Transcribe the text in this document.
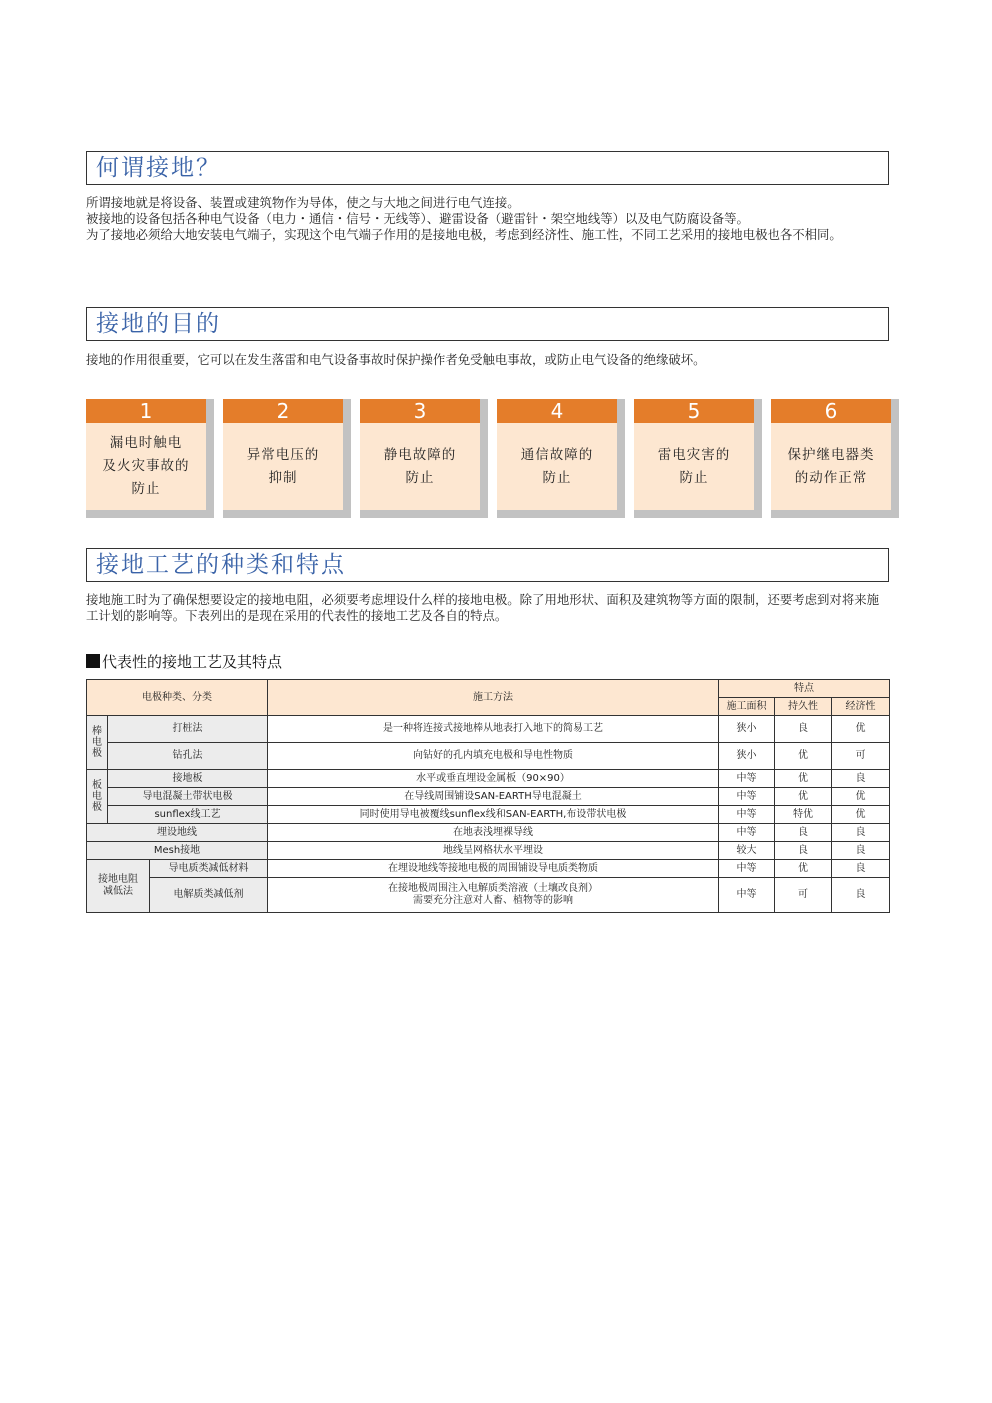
何谓接地？

所谓接地就是将设备、装置或建筑物作为导体，使之与大地之间进行电气连接。

被接地的设备包括各种电气设备（电力・通信・信号・无线等）、避雷设备（避雷针・架空地线等）以及电气防腐设备等。

为了接地必须给大地安装电气端子，实现这个电气端子作用的是接地电极，考虑到经济性、施工性，不同工艺采用的接地电极也各不相同。

接地的目的
接地的作用很重要，它可以在发生落雷和电气设备事故时保护操作者免受触电事故，或防止电气设备的绝缘破坏。
1
漏电时触电
及火灾事故的
防止
2
异常电压的
抑制
3
静电故障的
防止
4
通信故障的
防止
5
雷电灾害的
防止
6
保护继电器类
的动作正常
接地工艺的种类和特点
接地施工时为了确保想要设定的接地电阻，必须要考虑埋设什么样的接地电极。除了用地形状、面积及建筑物等方面的限制，还要考虑到对将来施工计划的影响等。下表列出的是现在采用的代表性的接地工艺及各自的特点。
代表性的接地工艺及其特点
电极种类、分类			施工方法	特点		
				施工面积	持久性	经济性

棒
电
极	打桩法		是一种将连接式接地棒从地表打入地下的简易工艺	狭小	良	优
	钻孔法		向钻好的孔内填充电极和导电性物质	狭小	优	可

板
电
极	接地板		水平或垂直埋设金属板（90×90）	中等	优	良
	导电混凝土带状电极		在导线周围铺设SAN-EARTH导电混凝土	中等	优	优
	sunflex线工艺		同时使用导电被覆线sunflex线和SAN-EARTH,布设带状电极	中等	特优	优
埋设地线			在地表浅埋裸导线	中等	良	良
Mesh接地			地线呈网格状水平埋设	较大	良	良
接地电阻
减低法		导电质类减低材料	在埋设地线等接地电极的周围铺设导电质类物质	中等	优	良
		电解质类减低剂	在接地极周围注入电解质类溶液（土壤改良剂）
需要充分注意对人畜、植物等的影响	中等	可	良
